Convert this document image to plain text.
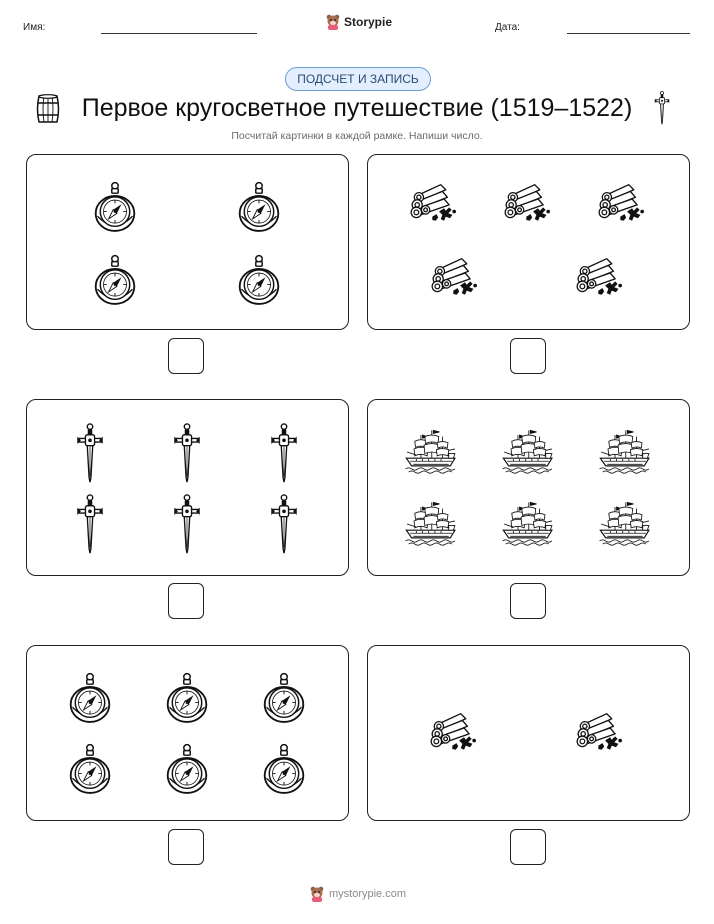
Имя:	Storypie	Дата:
ПОДСЧЕТ И ЗАПИСЬ
Первое кругосветное путешествие (1519–1522)
Посчитай картинки в каждой рамке. Напиши число.
mystorypie.com
